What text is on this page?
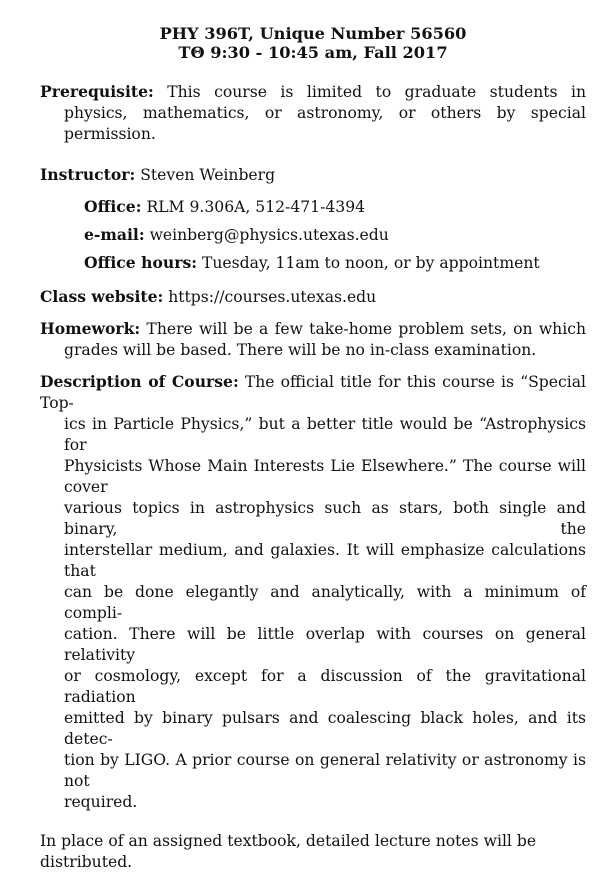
PHY 396T, Unique Number 56560
TΘ 9:30 - 10:45 am, Fall 2017
Prerequisite: This course is limited to graduate students in physics, mathematics, or astronomy, or others by special permission.
Instructor: Steven Weinberg
Office: RLM 9.306A, 512-471-4394
e-mail: weinberg@physics.utexas.edu
Office hours: Tuesday, 11am to noon, or by appointment
Class website: https://courses.utexas.edu
Homework: There will be a few take-home problem sets, on which grades will be based. There will be no in-class examination.
Description of Course: The official title for this course is “Special Top-
ics in Particle Physics,” but a better title would be “Astrophysics for
Physicists Whose Main Interests Lie Elsewhere.” The course will cover
various topics in astrophysics such as stars, both single and binary, the
interstellar medium, and galaxies. It will emphasize calculations that
can be done elegantly and analytically, with a minimum of compli-
cation. There will be little overlap with courses on general relativity
or cosmology, except for a discussion of the gravitational radiation
emitted by binary pulsars and coalescing black holes, and its detec-
tion by LIGO. A prior course on general relativity or astronomy is not
required.
In place of an assigned textbook, detailed lecture notes will be distributed.
